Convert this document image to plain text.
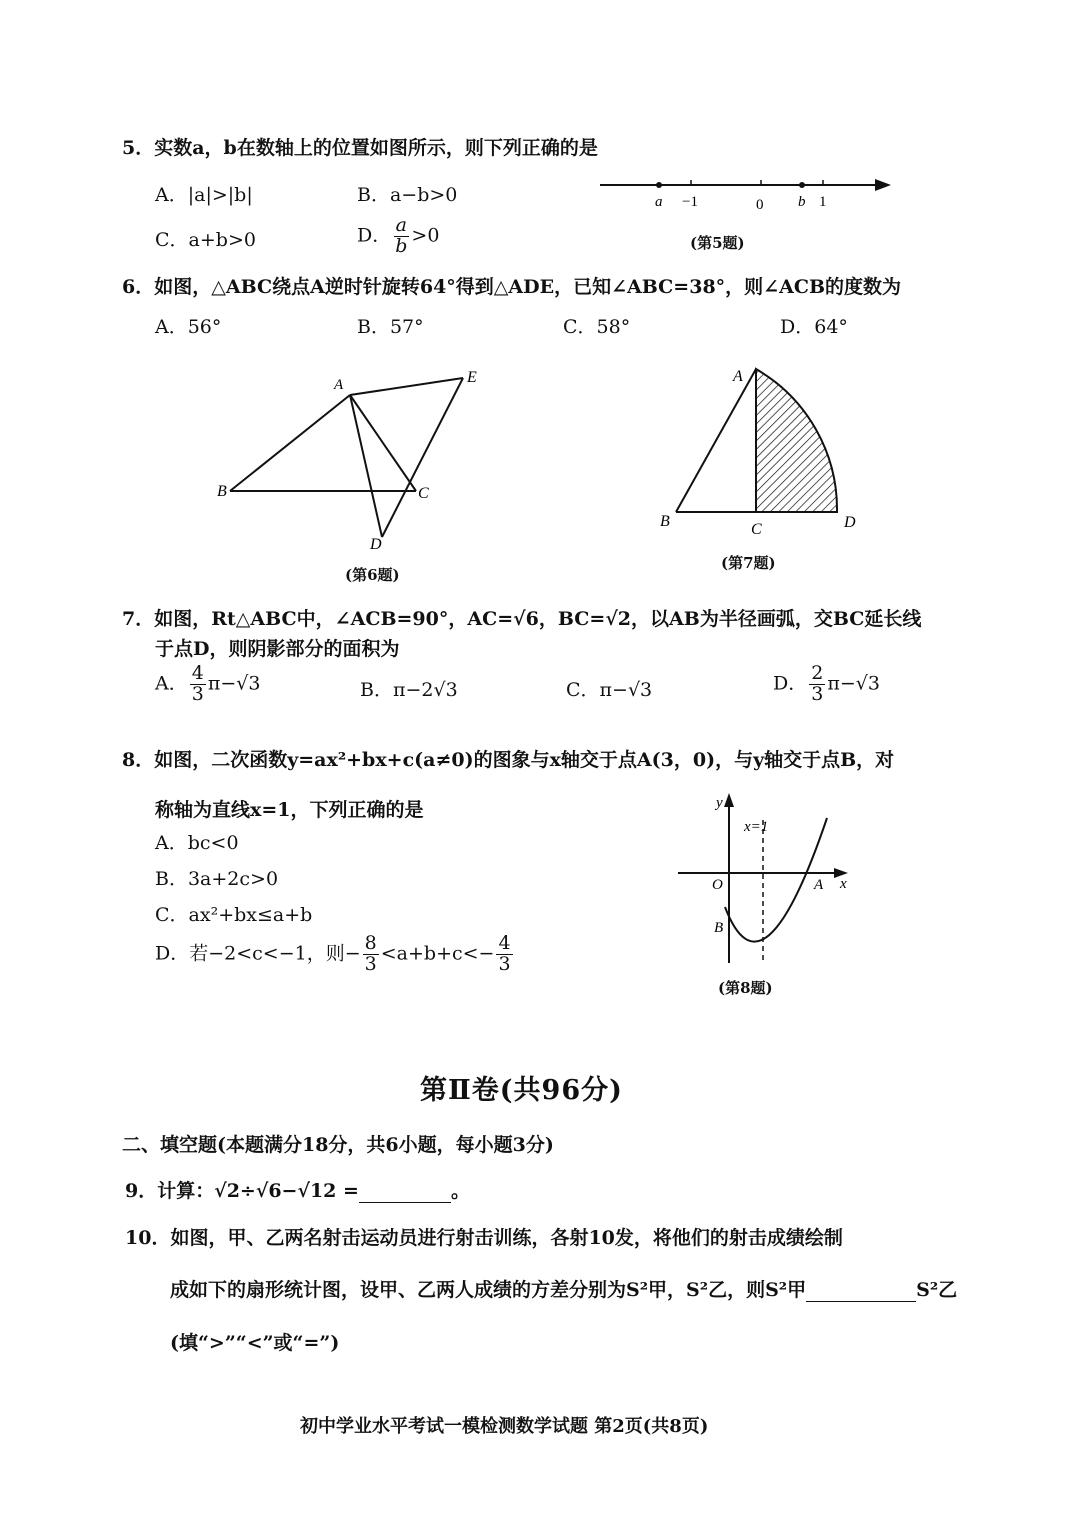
5．实数a，b在数轴上的位置如图所示，则下列正确的是
A．|a|>|b|	B．a−b>0
C．a+b>0	D． $\frac{a}{b} >0$
a −1	0 b 1
(第5题)
6．如图，△ABC绕点A逆时针旋转64°得到△ADE，已知∠ABC=38°，则∠ACB的度数为
A．56°	B．57°	C．58°	D．64°
A	E
B	C
D
(第6题)
A
B	C	D
(第7题)
7．如图，Rt△ABC中，∠ACB=90°，AC=√6，BC=√2，以AB为半径画弧，交BC延长线
于点D，则阴影部分的面积为
A． $\frac{4}{3} \pi-√3$	B．π−2√3	C．π−√3	D． $\frac{2}{3} \pi-√3$
8．如图，二次函数y=ax²+bx+c(a≠0)的图象与x轴交于点A(3，0)，与y轴交于点B，对
称轴为直线x=1，下列正确的是
A．bc<0
B．3a+2c>0
C．ax²+bx≤a+b
D．若−2<c<−1，则− $\frac{8}{3} <a+b+c<- \frac{4}{3}$
y
x
x=1
O	A
B
(第8题)
第Ⅱ卷(共96分)
二、填空题(本题满分18分，共6小题，每小题3分)
9．计算：√2÷√6−√12 =	。
10．如图，甲、乙两名射击运动员进行射击训练，各射10发，将他们的射击成绩绘制
成如下的扇形统计图，设甲、乙两人成绩的方差分别为S²甲，S²乙，则S²甲	S²乙
(填“>”“<”或“=”)
初中学业水平考试一模检测数学试题 第2页(共8页)
